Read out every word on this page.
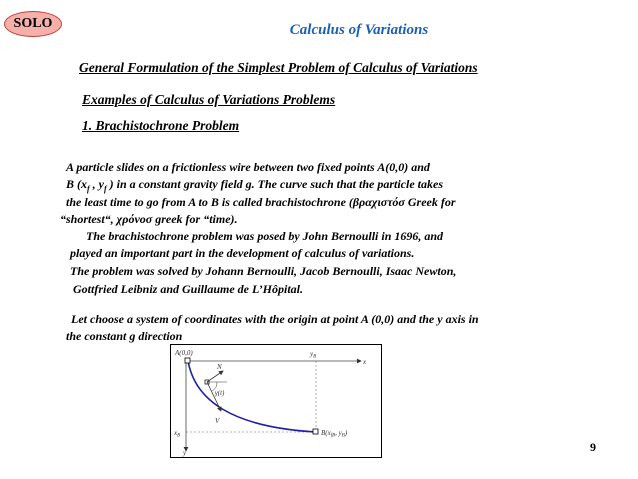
SOLO	Calculus of Variations
General Formulation of the Simplest Problem of Calculus of Variations
Examples of Calculus of Variations Problems
1. Brachistochrone Problem
A particle slides on a frictionless wire between two fixed points A(0,0) and
B ($x_f$ , $y_f$ ) in a constant gravity field g. The curve such that the particle takes
the least time to go from A to B is called brachistochrone (βραχιστόσ Greek for
“shortest“, χρόνοσ greek for “time).
The brachistochrone problem was posed by John Bernoulli in 1696, and
played an important part in the development of calculus of variations.
The problem was solved by Johann Bernoulli, Jacob Bernoulli, Isaac Newton,
Gottfried Leibniz and Guillaume de L’Hôpital.
Let choose a system of coordinates with the origin at point A (0,0) and the y axis in
the constant g direction
A(0,0)
x
y
$y_B$
$x_B$
N
γ(t)
V
$B(x_{fB}$, $y_B$)
9
